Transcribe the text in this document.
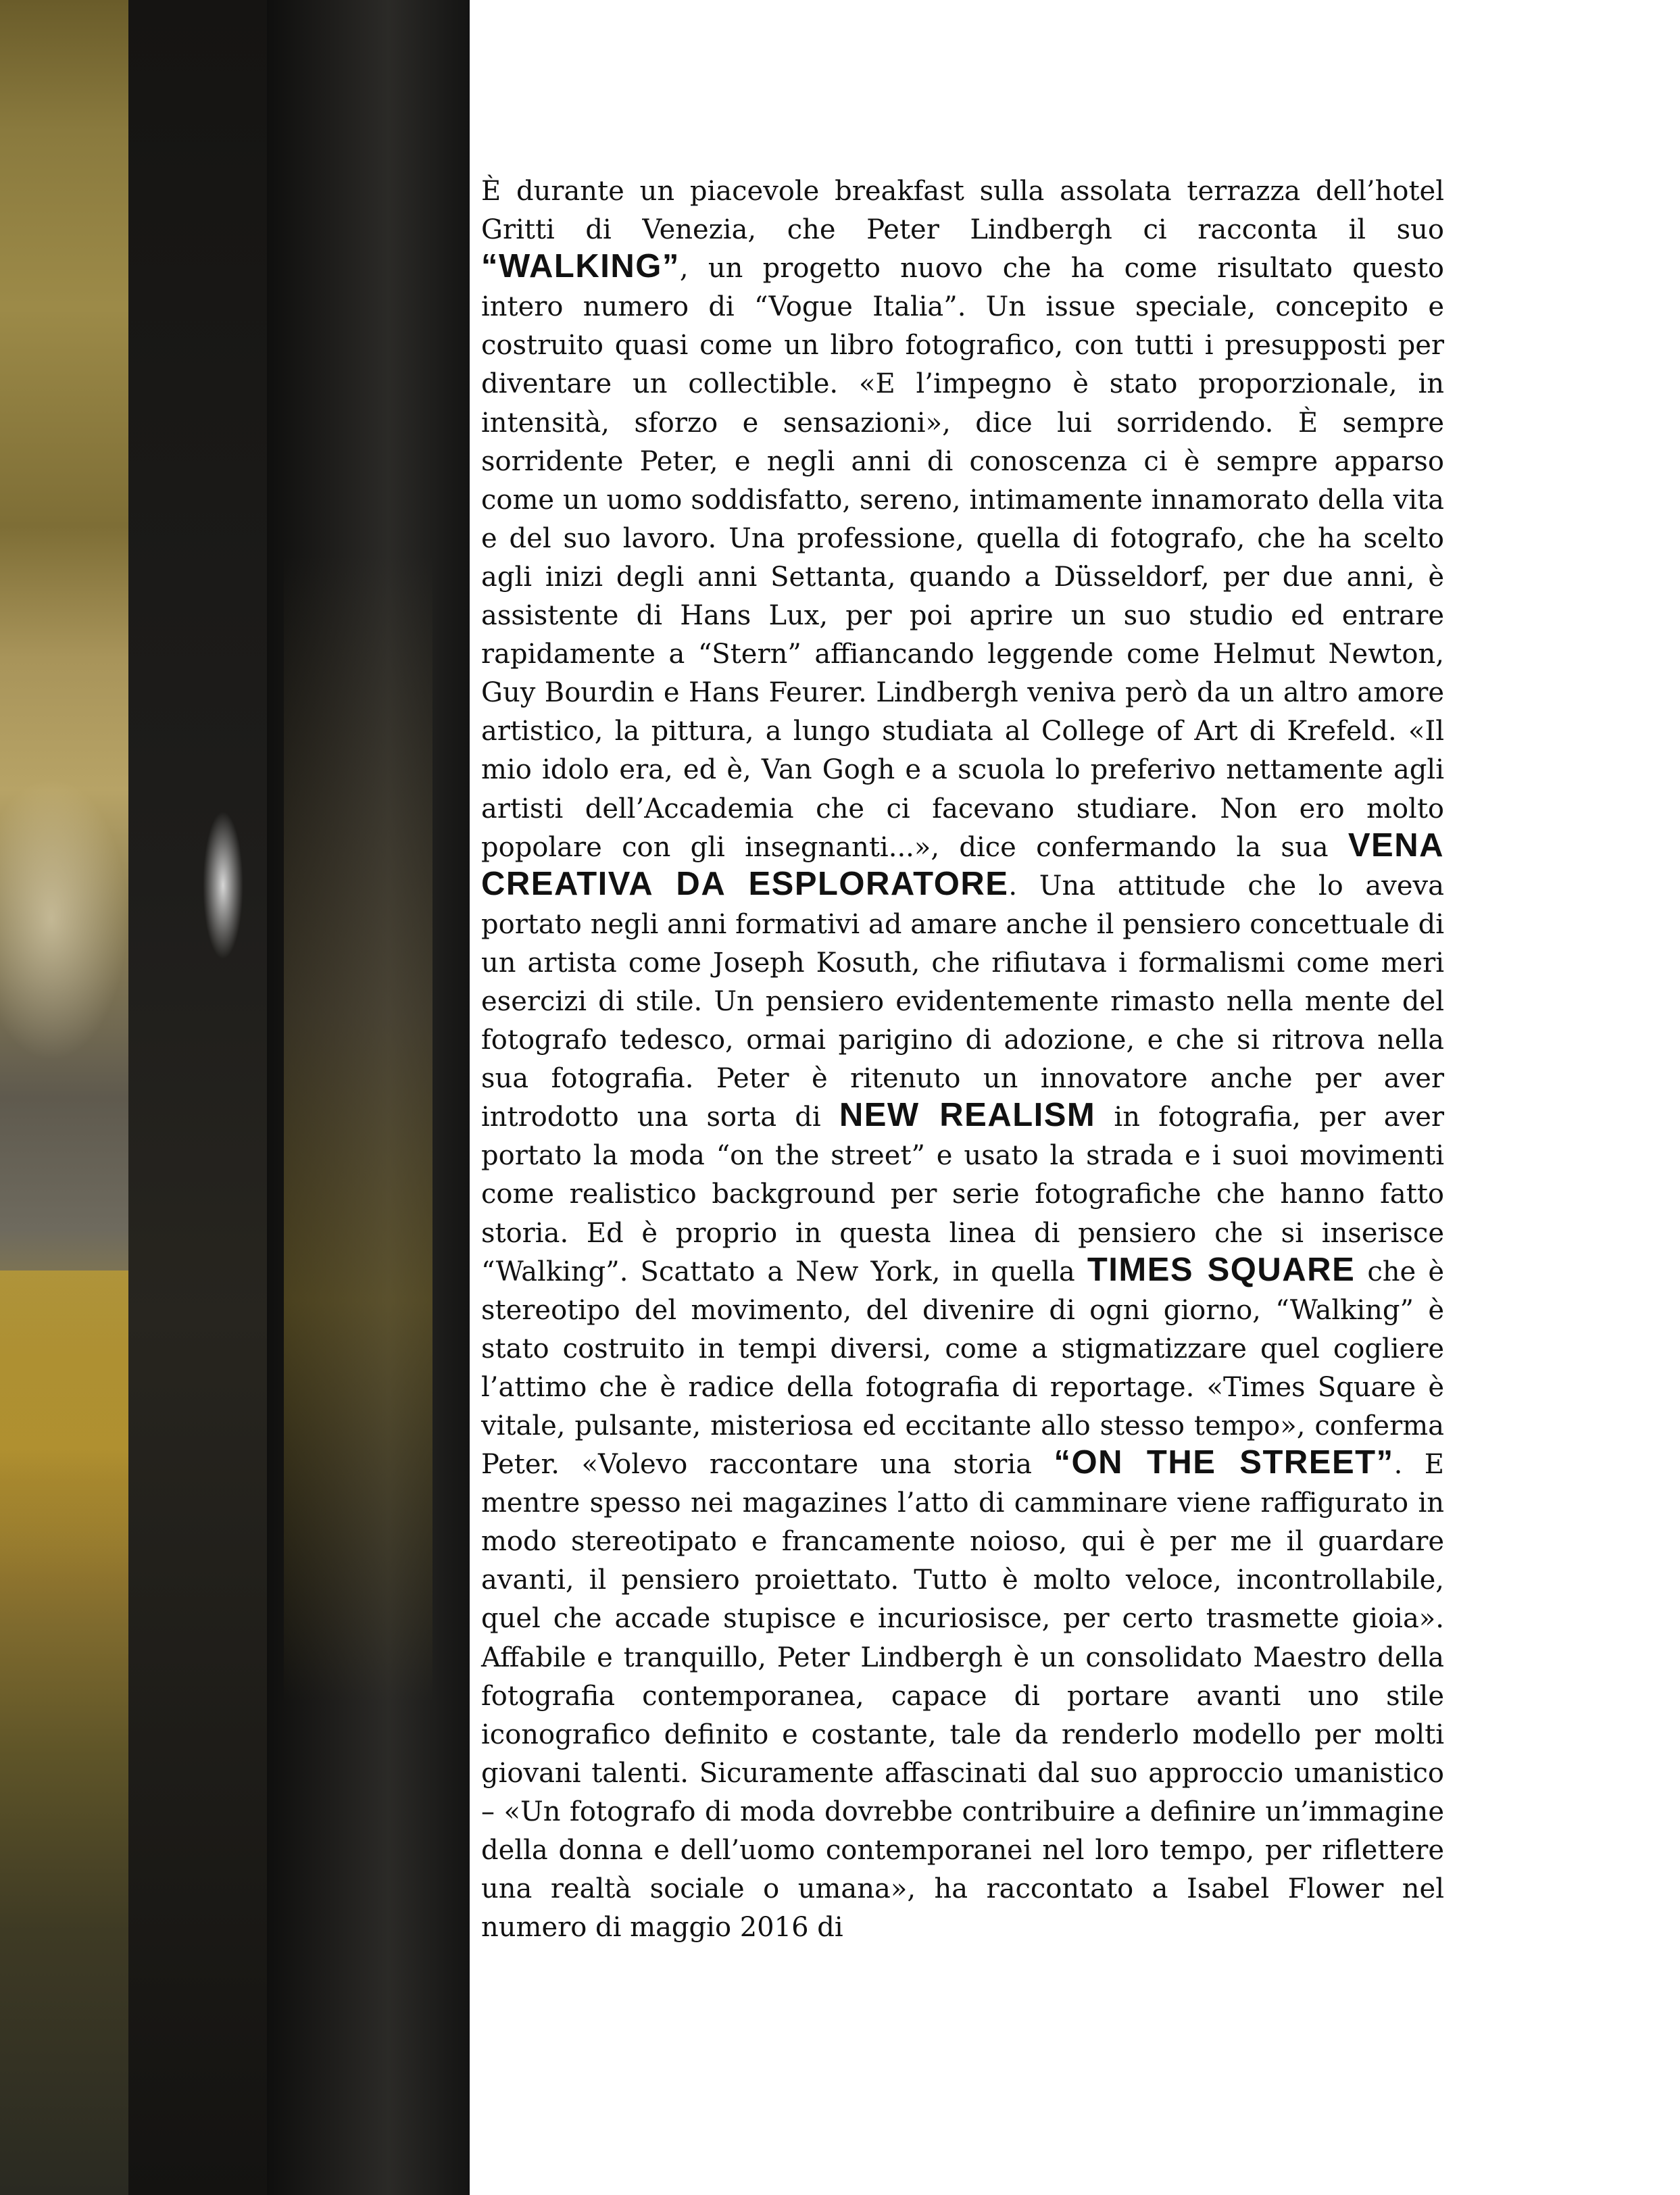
È durante un piacevole breakfast sulla assolata terrazza dell’hotel Gritti di Venezia, che Peter Lindbergh ci racconta il suo “WALKING”, un progetto nuovo che ha come risultato questo intero numero di “Vogue Italia”. Un issue speciale, concepito e costruito quasi come un libro fotografico, con tutti i presupposti per diventare un collectible. «E l’impegno è stato proporzionale, in intensità, sforzo e sensazioni», dice lui sorridendo. È sempre sorridente Peter, e negli anni di conoscenza ci è sempre apparso come un uomo soddisfatto, sereno, intimamente innamorato della vita e del suo lavoro. Una professione, quella di fotografo, che ha scelto agli inizi degli anni Settanta, quando a Düsseldorf, per due anni, è assistente di Hans Lux, per poi aprire un suo studio ed entrare rapidamente a “Stern” affiancando leggende come Helmut Newton, Guy Bourdin e Hans Feurer. Lindbergh veniva però da un altro amore artistico, la pittura, a lungo studiata al College of Art di Krefeld. «Il mio idolo era, ed è, Van Gogh e a scuola lo preferivo nettamente agli artisti dell’Accademia che ci facevano studiare. Non ero molto popolare con gli insegnanti...», dice confermando la sua VENA CREATIVA DA ESPLORATORE. Una attitude che lo aveva portato negli anni formativi ad amare anche il pensiero concettuale di un artista come Joseph Kosuth, che rifiutava i formalismi come meri esercizi di stile. Un pensiero evidentemente rimasto nella mente del fotografo tedesco, ormai parigino di adozione, e che si ritrova nella sua fotografia. Peter è ritenuto un innovatore anche per aver introdotto una sorta di NEW REALISM in fotografia, per aver portato la moda “on the street” e usato la strada e i suoi movimenti come realistico background per serie fotografiche che hanno fatto storia. Ed è proprio in questa linea di pensiero che si inserisce “Walking”. Scattato a New York, in quella TIMES SQUARE che è stereotipo del movimento, del divenire di ogni giorno, “Walking” è stato costruito in tempi diversi, come a stigmatizzare quel cogliere l’attimo che è radice della fotografia di reportage. «Times Square è vitale, pulsante, misteriosa ed eccitante allo stesso tempo», conferma Peter. «Volevo raccontare una storia “ON THE STREET”. E mentre spesso nei magazines l’atto di camminare viene raffigurato in modo stereotipato e francamente noioso, qui è per me il guardare avanti, il pensiero proiettato. Tutto è molto veloce, incontrollabile, quel che accade stupisce e incuriosisce, per certo trasmette gioia». Affabile e tranquillo, Peter Lindbergh è un consolidato Maestro della fotografia contemporanea, capace di portare avanti uno stile iconografico definito e costante, tale da renderlo modello per molti giovani talenti. Sicuramente affascinati dal suo approccio umanistico – «Un fotografo di moda dovrebbe contribuire a definire un’immagine della donna e dell’uomo contemporanei nel loro tempo, per riflettere una realtà sociale o umana», ha raccontato a Isabel Flower nel numero di maggio 2016 di
